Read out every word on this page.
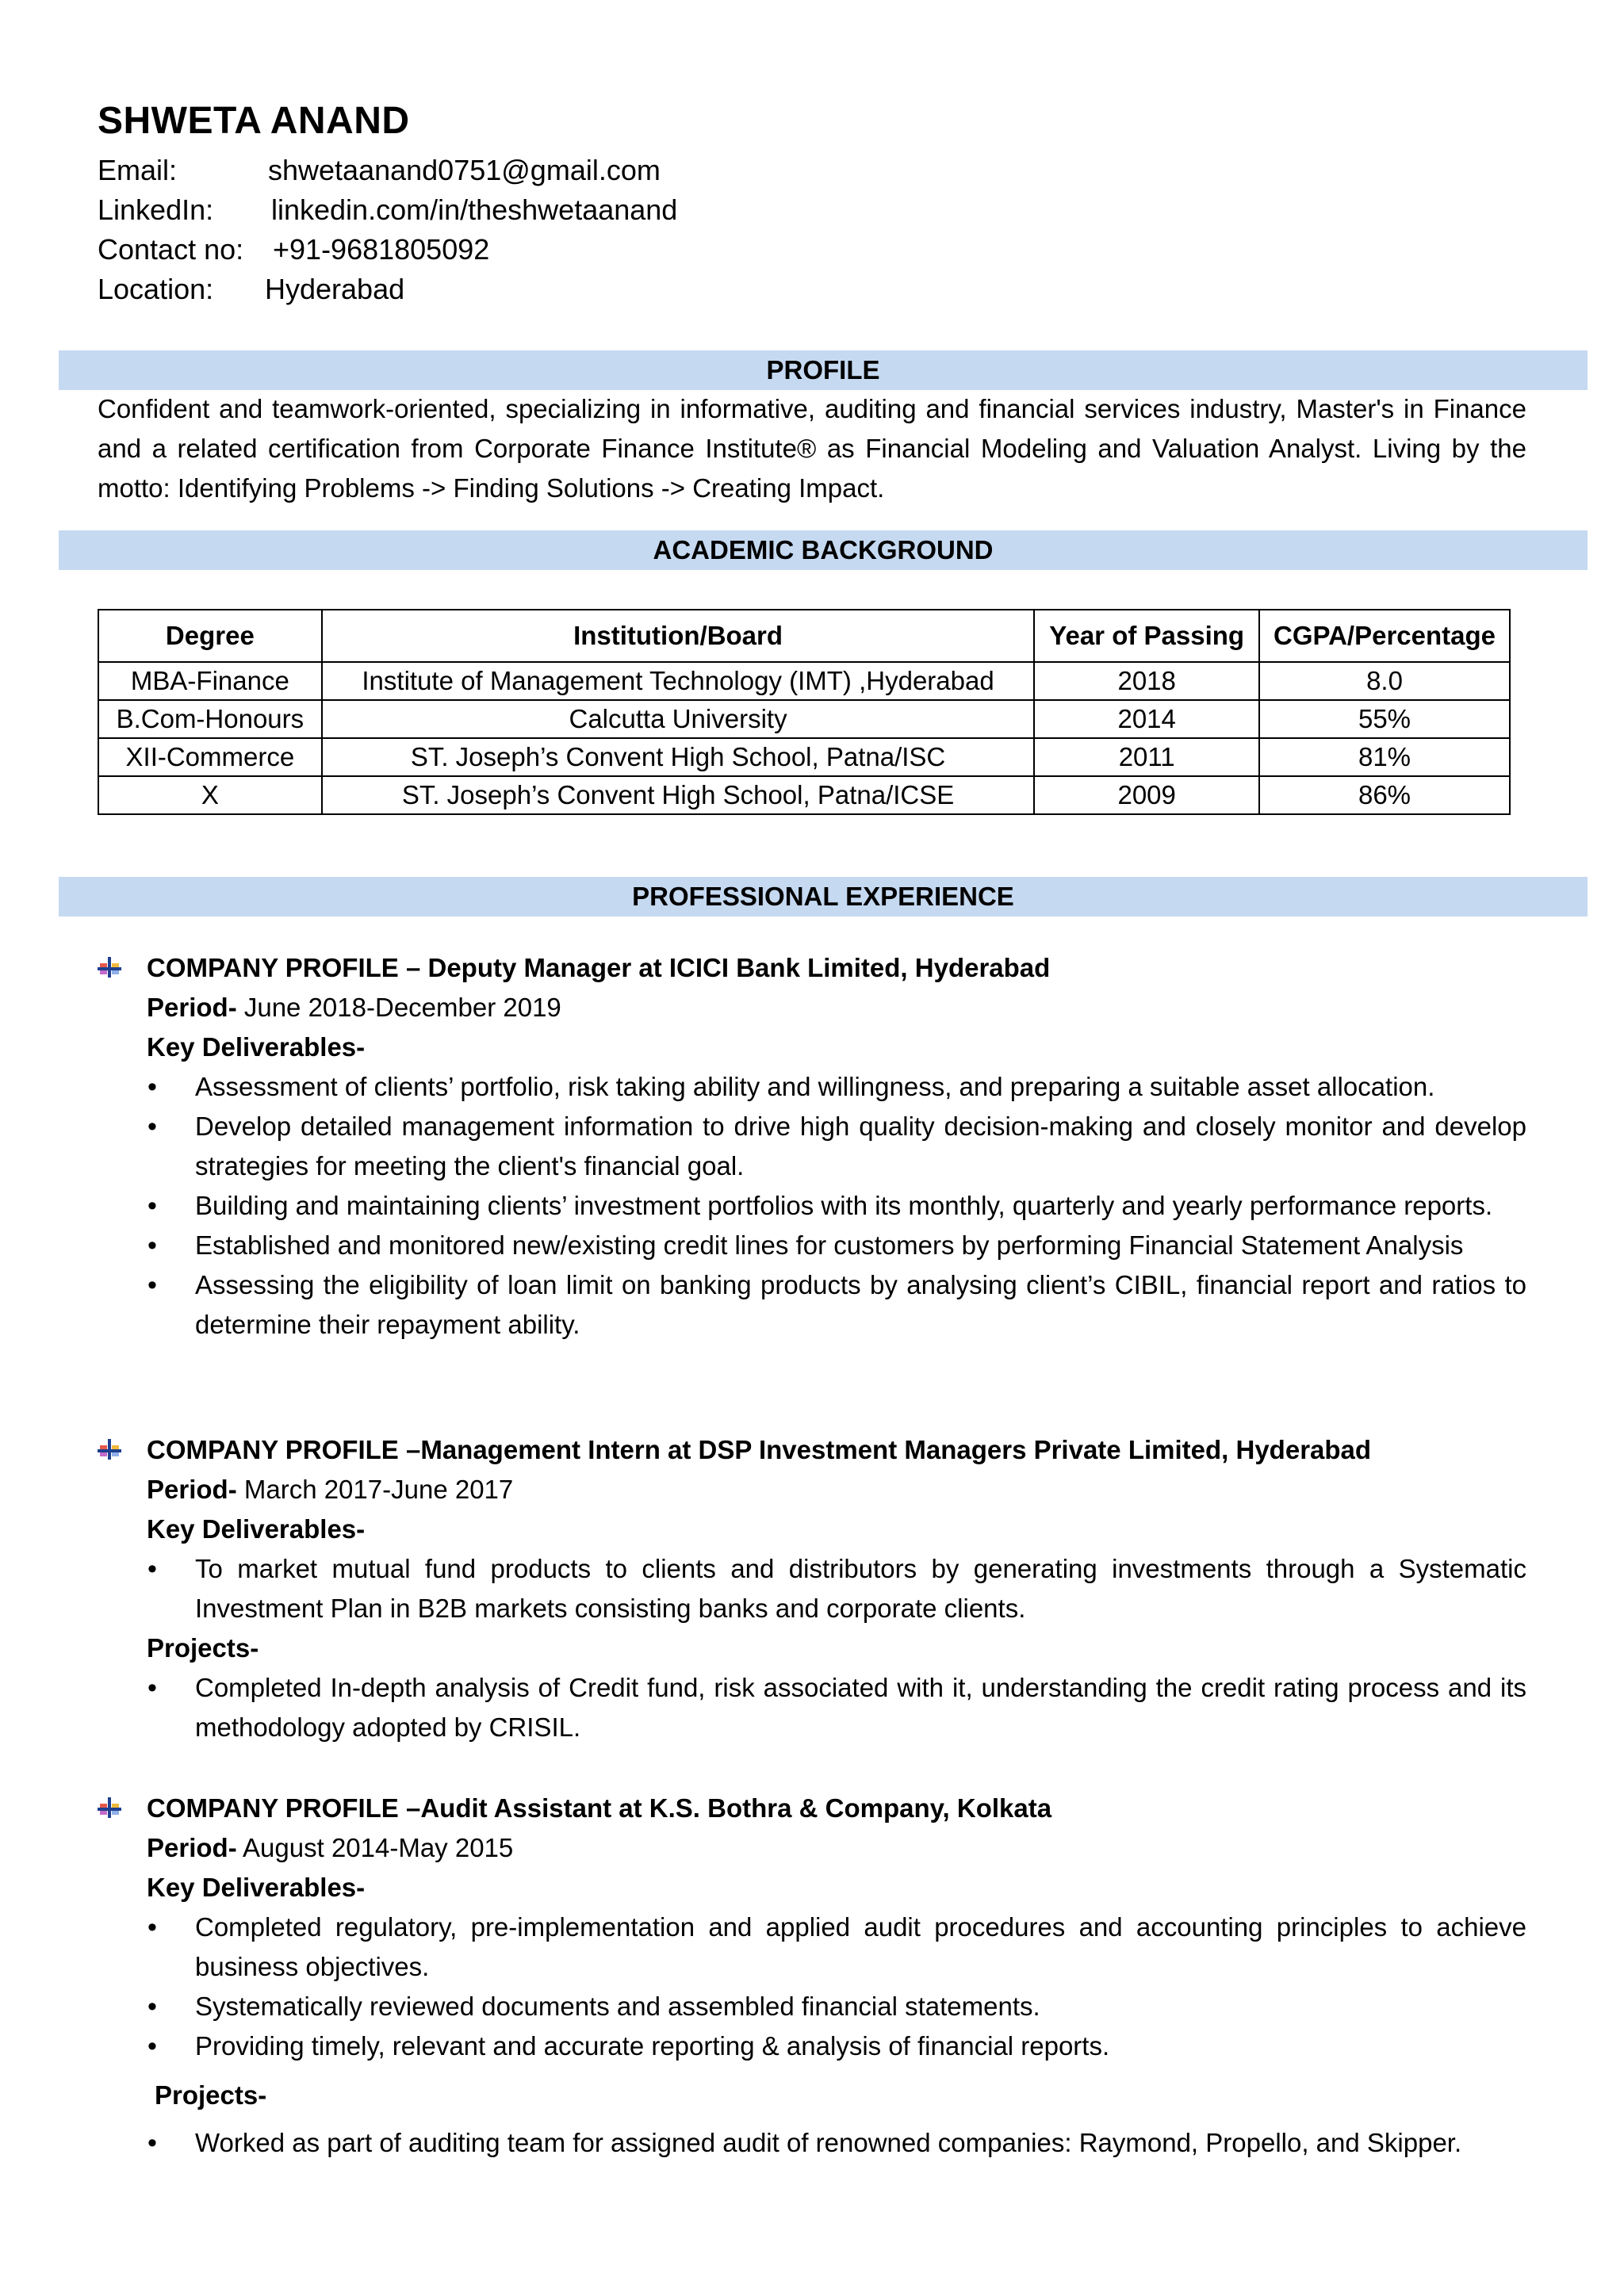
SHWETA ANAND
Email:	shwetaanand0751@gmail.com
LinkedIn:	linkedin.com/in/theshwetaanand
Contact no:	+91-9681805092
Location:	Hyderabad
PROFILE
Confident and teamwork-oriented, specializing in informative, auditing and financial services industry, Master's in Finance and a related certification from Corporate Finance Institute® as Financial Modeling and Valuation Analyst. Living by the motto: Identifying Problems -> Finding Solutions -> Creating Impact.
ACADEMIC BACKGROUND
Degree	Institution/Board	Year of Passing	CGPA/Percentage
MBA-Finance	Institute of Management Technology (IMT) ,Hyderabad	2018	8.0
B.Com-Honours	Calcutta University	2014	55%
XII-Commerce	ST. Joseph’s Convent High School, Patna/ISC	2011	81%
X	ST. Joseph’s Convent High School, Patna/ICSE	2009	86%
PROFESSIONAL EXPERIENCE
COMPANY PROFILE – Deputy Manager at ICICI Bank Limited, Hyderabad
Period- June 2018-December 2019
Key Deliverables-
• Assessment of clients’ portfolio, risk taking ability and willingness, and preparing a suitable asset allocation.
• Develop detailed management information to drive high quality decision-making and closely monitor and develop strategies for meeting the client's financial goal.
• Building and maintaining clients’ investment portfolios with its monthly, quarterly and yearly performance reports.
• Established and monitored new/existing credit lines for customers by performing Financial Statement Analysis
• Assessing the eligibility of loan limit on banking products by analysing client’s CIBIL, financial report and ratios to determine their repayment ability.
COMPANY PROFILE –Management Intern at DSP Investment Managers Private Limited, Hyderabad
Period- March 2017-June 2017
Key Deliverables-
• To market mutual fund products to clients and distributors by generating investments through a Systematic Investment Plan in B2B markets consisting banks and corporate clients.
Projects-
• Completed In-depth analysis of Credit fund, risk associated with it, understanding the credit rating process and its methodology adopted by CRISIL.
COMPANY PROFILE –Audit Assistant at K.S. Bothra & Company, Kolkata
Period- August 2014-May 2015
Key Deliverables-
• Completed regulatory, pre-implementation and applied audit procedures and accounting principles to achieve business objectives.
• Systematically reviewed documents and assembled financial statements.
• Providing timely, relevant and accurate reporting & analysis of financial reports.
Projects-
• Worked as part of auditing team for assigned audit of renowned companies: Raymond, Propello, and Skipper.
